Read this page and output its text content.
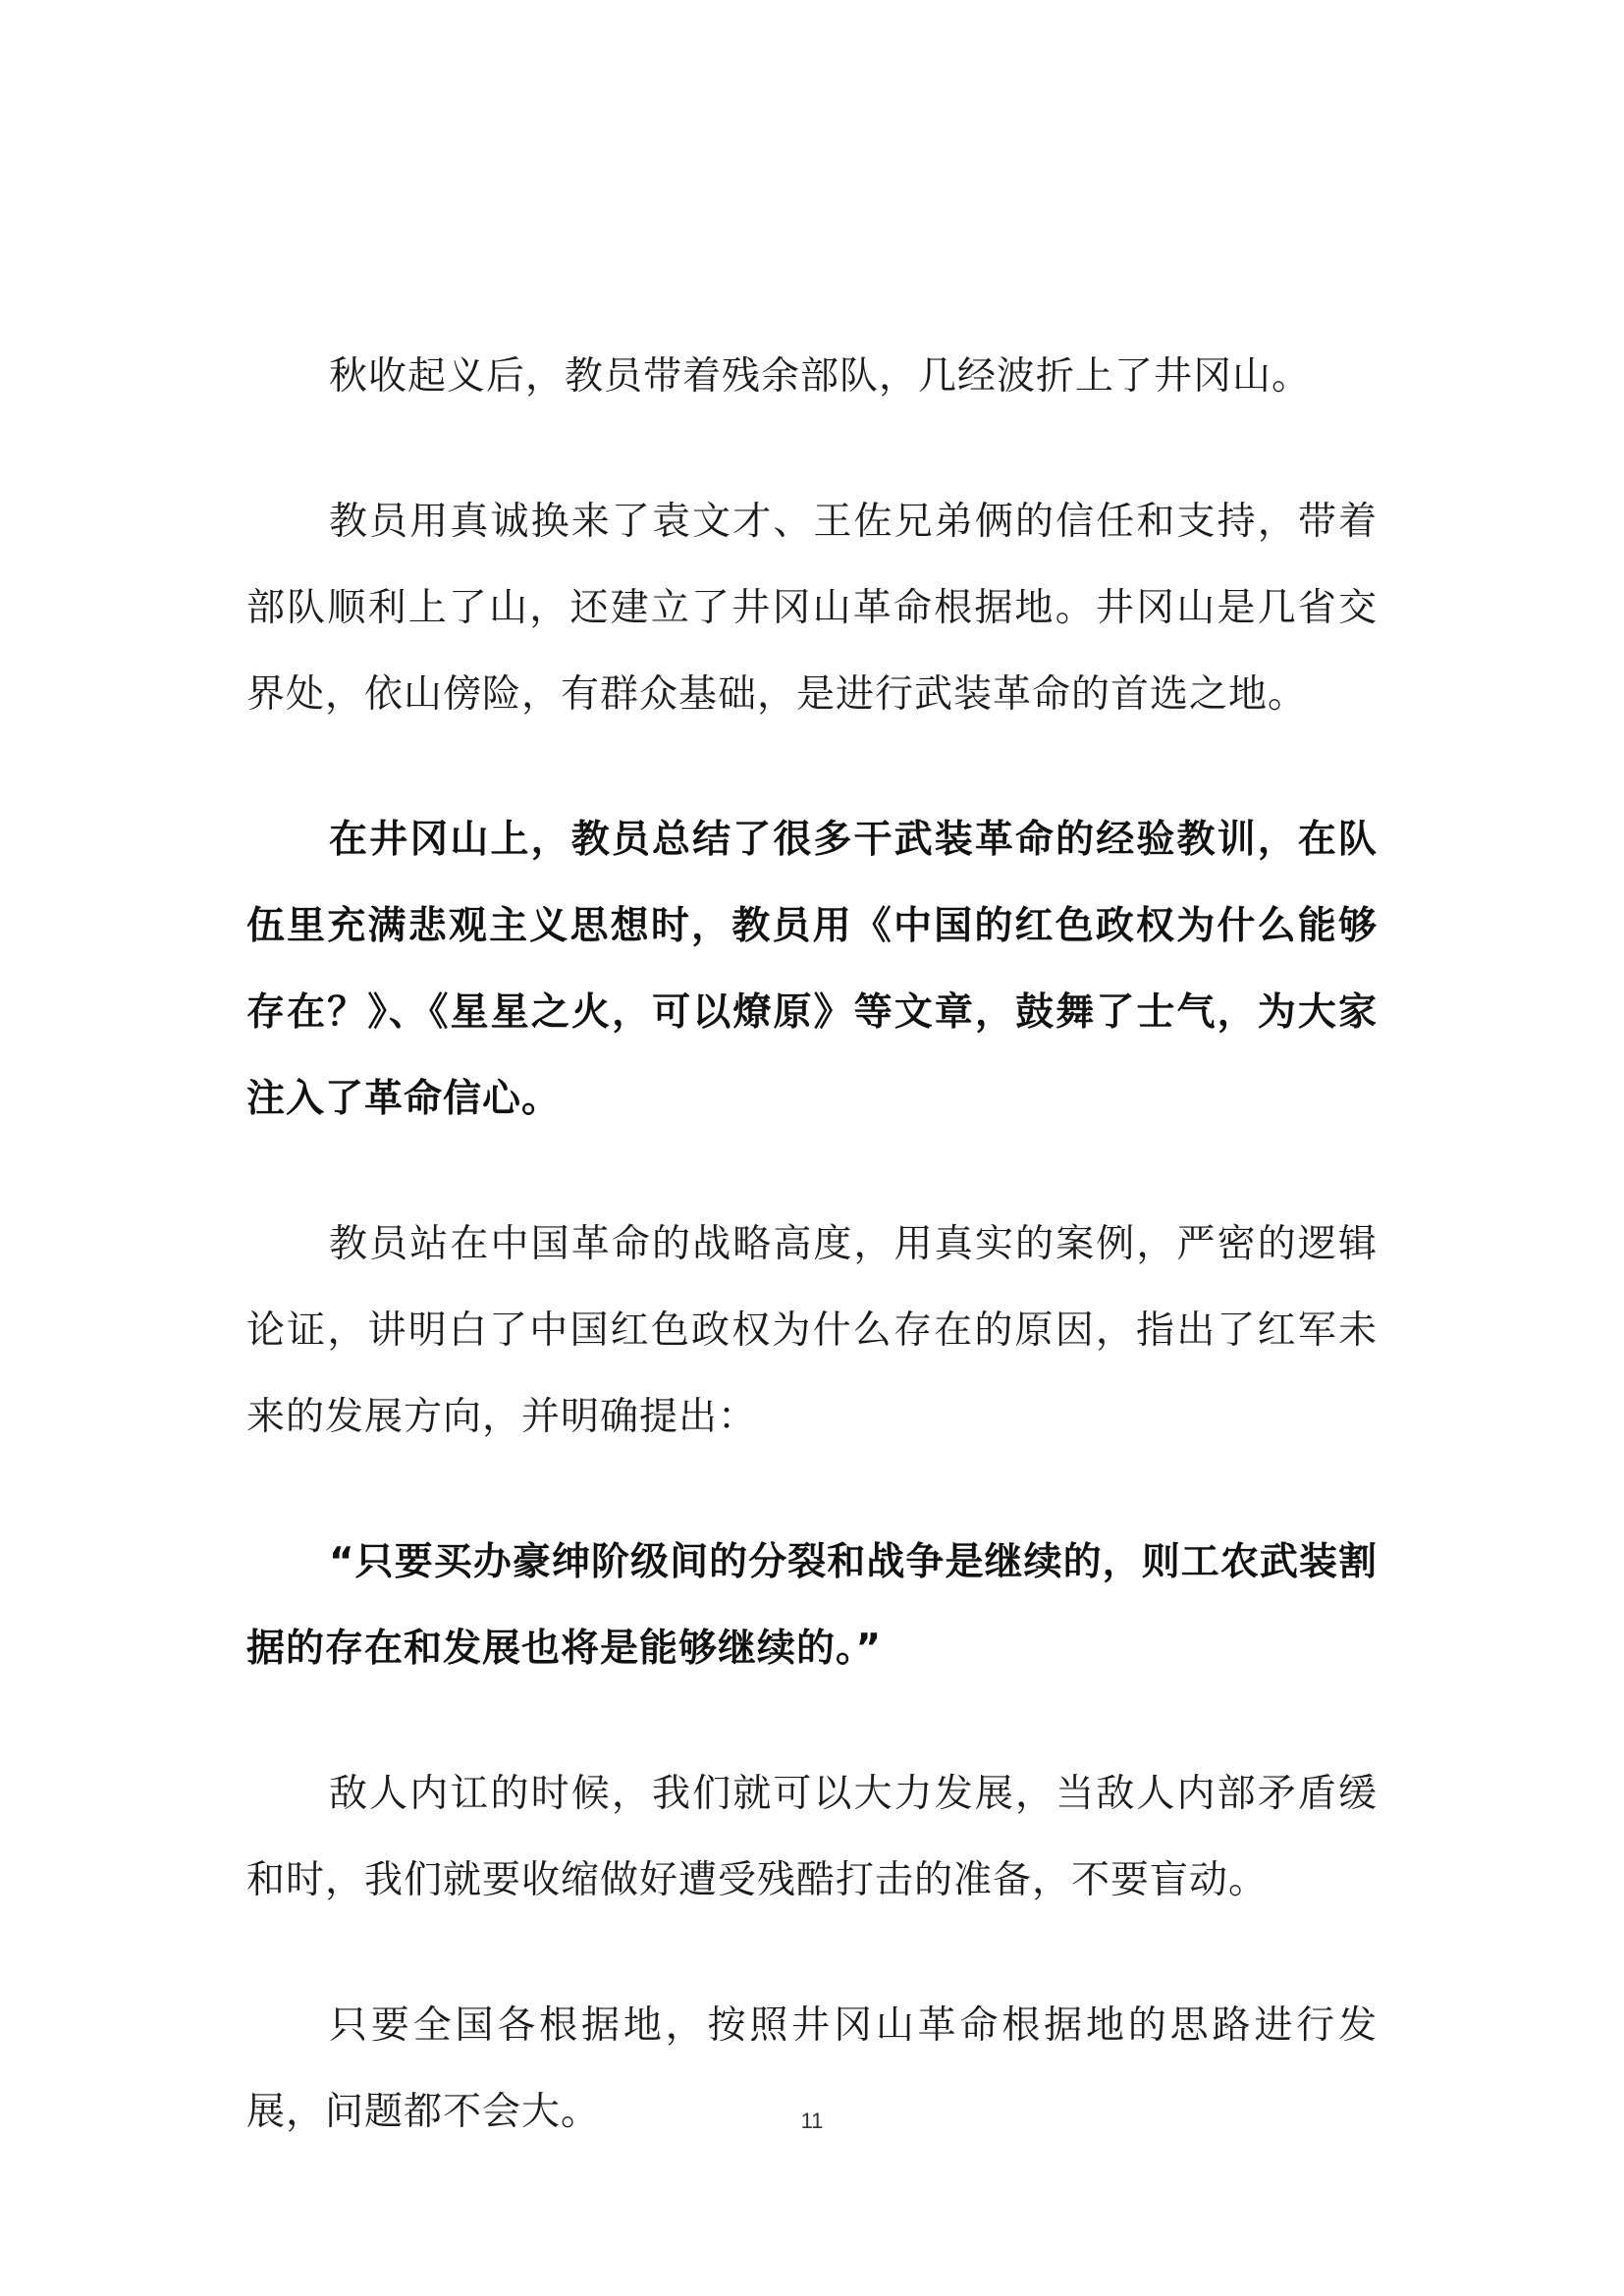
秋收起义后，教员带着残余部队，几经波折上了井冈山。

教员用真诚换来了袁文才、王佐兄弟俩的信任和支持，带着部队顺利上了山，还建立了井冈山革命根据地。井冈山是几省交界处，依山傍险，有群众基础，是进行武装革命的首选之地。

在井冈山上，教员总结了很多干武装革命的经验教训，在队伍里充满悲观主义思想时，教员用《中国的红色政权为什么能够存在？》、《星星之火，可以燎原》等文章，鼓舞了士气，为大家注入了革命信心。

教员站在中国革命的战略高度，用真实的案例，严密的逻辑论证，讲明白了中国红色政权为什么存在的原因，指出了红军未来的发展方向，并明确提出：

“只要买办豪绅阶级间的分裂和战争是继续的，则工农武装割据的存在和发展也将是能够继续的。”

敌人内讧的时候，我们就可以大力发展，当敌人内部矛盾缓和时，我们就要收缩做好遭受残酷打击的准备，不要盲动。

只要全国各根据地，按照井冈山革命根据地的思路进行发展，问题都不会大。	11
